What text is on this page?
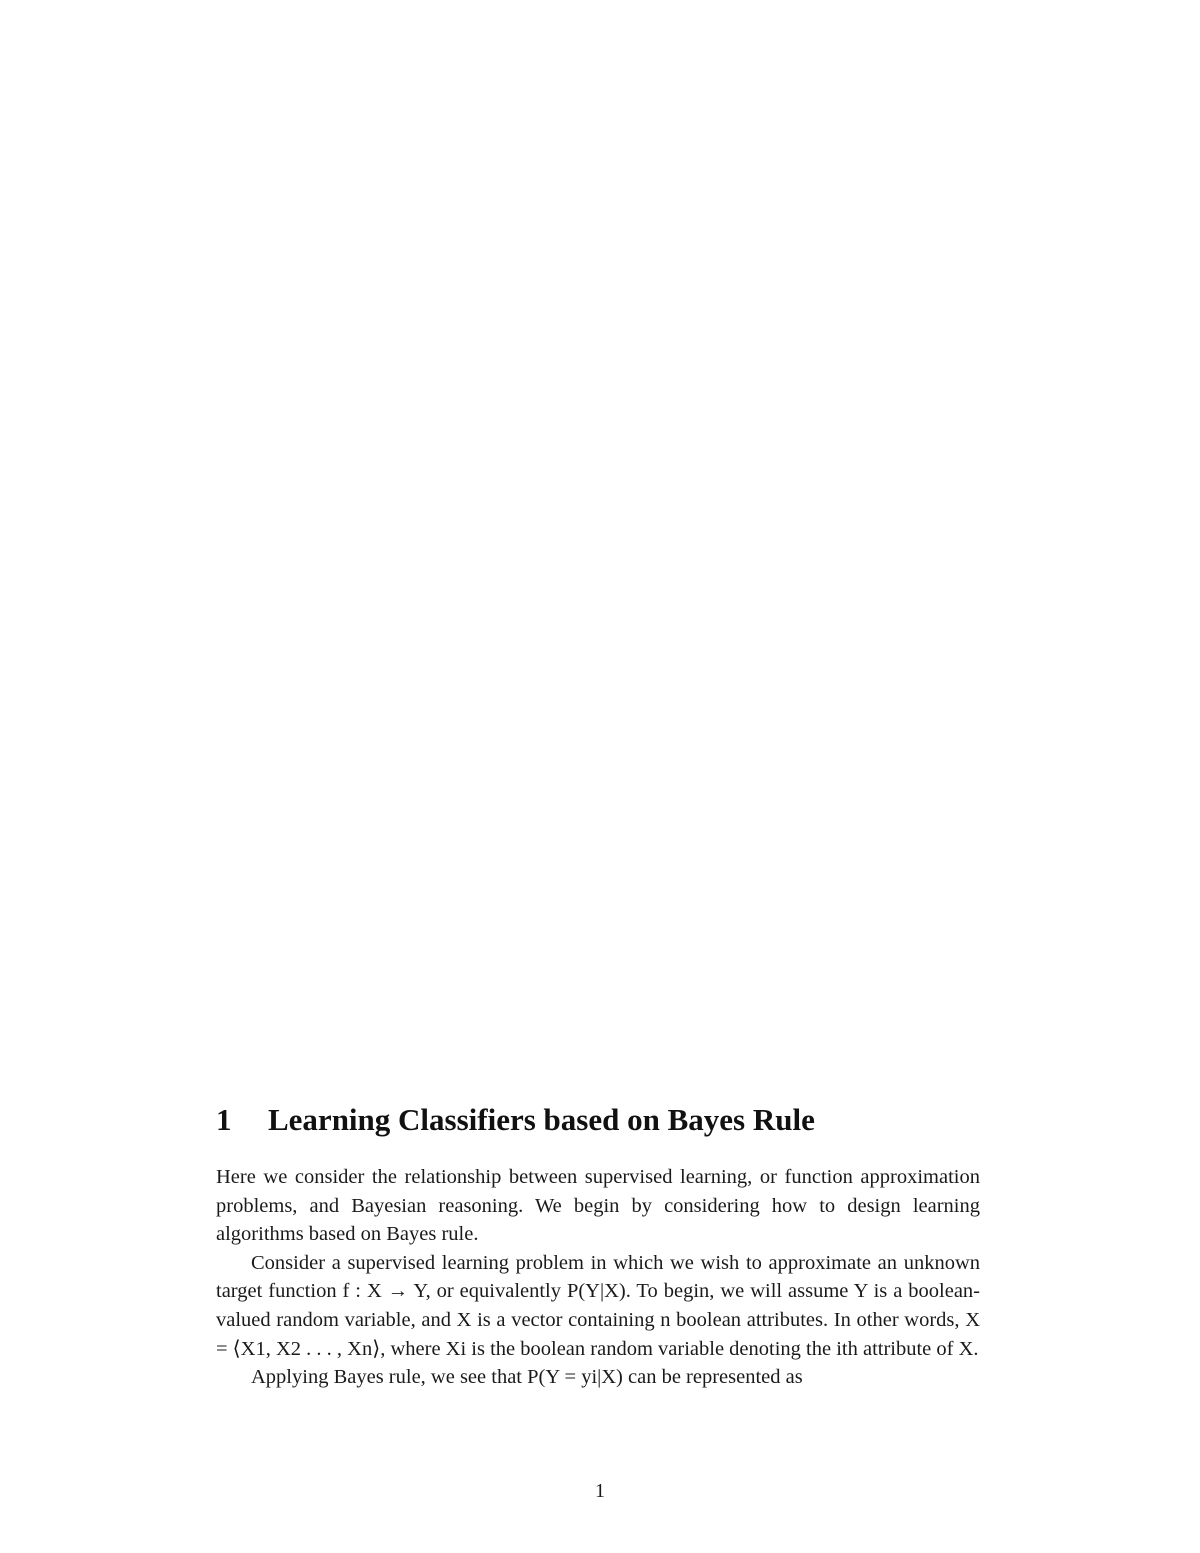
1 Learning Classifiers based on Bayes Rule

Here we consider the relationship between supervised learning, or function approximation problems, and Bayesian reasoning. We begin by considering how to design learning algorithms based on Bayes rule.

Consider a supervised learning problem in which we wish to approximate an unknown target function f : X → Y, or equivalently P(Y|X). To begin, we will assume Y is a boolean-valued random variable, and X is a vector containing n boolean attributes. In other words, X = ⟨X1, X2 . . . , Xn⟩, where Xi is the boolean random variable denoting the ith attribute of X.

Applying Bayes rule, we see that P(Y = yi|X) can be represented as

1
